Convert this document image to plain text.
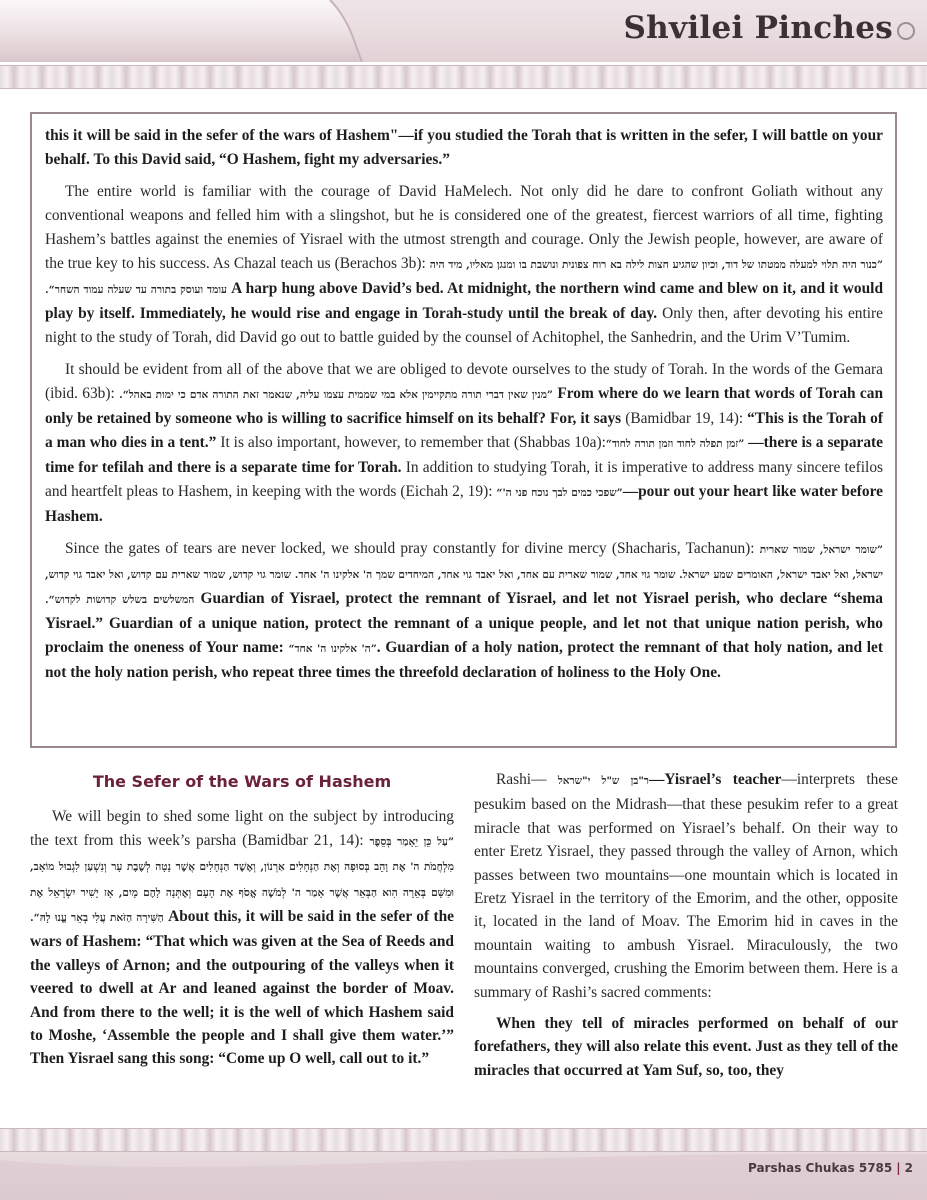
Shvilei Pinches

this it will be said in the sefer of the wars of Hashem"—if you studied the Torah that is written in the sefer, I will battle on your behalf. To this David said, “O Hashem, fight my adversaries.”

The entire world is familiar with the courage of David HaMelech. Not only did he dare to confront Goliath without any conventional weapons and felled him with a slingshot, but he is considered one of the greatest, fiercest warriors of all time, fighting Hashem’s battles against the enemies of Yisrael with the utmost strength and courage. Only the Jewish people, however, are aware of the true key to his success. As Chazal teach us (Berachos 3b): ”כנור היה תלוי למעלה ממטתו של דוד, וכיון שהגיע חצות לילה בא רוח צפונית ונושבת בו ומנגן מאליו, מיד היה עומד ועוסק בתורה עד שעלה עמוד השחר“. A harp hung above David’s bed. At midnight, the northern wind came and blew on it, and it would play by itself. Immediately, he would rise and engage in Torah-study until the break of day. Only then, after devoting his entire night to the study of Torah, did David go out to battle guided by the counsel of Achitophel, the Sanhedrin, and the Urim V’Tumim.

It should be evident from all of the above that we are obliged to devote ourselves to the study of Torah. In the words of the Gemara (ibid. 63b): ”מנין שאין דברי תורה מתקיימין אלא במי שממית עצמו עליה, שנאמר זאת התורה אדם כי ימות באהל“. From where do we learn that words of Torah can only be retained by someone who is willing to sacrifice himself on its behalf? For, it says (Bamidbar 19, 14): “This is the Torah of a man who dies in a tent.” It is also important, however, to remember that (Shabbas 10a):”זמן תפלה לחוד וזמן תורה לחוד“ —there is a separate time for tefilah and there is a separate time for Torah. In addition to studying Torah, it is imperative to address many sincere tefilos and heartfelt pleas to Hashem, in keeping with the words (Eichah 2, 19): ”שפכי כמים לבך נוכח פני ה'“—pour out your heart like water before Hashem.

Since the gates of tears are never locked, we should pray constantly for divine mercy (Shacharis, Tachanun): ”שומר ישראל, שמור שארית ישראל, ואל יאבד ישראל, האומרים שמע ישראל. שומר גוי אחד, שמור שארית עם אחד, ואל יאבד גוי אחד, המיחדים שמך ה' אלקינו ה' אחד. שומר גוי קדוש, שמור שארית עם קדוש, ואל יאבד גוי קדוש, המשלשים בשלש קדושות לקדוש“. Guardian of Yisrael, protect the remnant of Yisrael, and let not Yisrael perish, who declare “shema Yisrael.” Guardian of a unique nation, protect the remnant of a unique people, and let not that unique nation perish, who proclaim the oneness of Your name: ”ה' אלקינו ה' אחד“. Guardian of a holy nation, protect the remnant of that holy nation, and let not the holy nation perish, who repeat three times the threefold declaration of holiness to the Holy One.

The Sefer of the Wars of Hashem

We will begin to shed some light on the subject by introducing the text from this week’s parsha (Bamidbar 21, 14): ”עַל כֵּן יֵאָמַר בְּסֵפֶר מִלְחֲמֹת ה' אֶת וָהֵב בְּסוּפָה וְאֶת הַנְּחָלִים אַרְנוֹן, וְאֶשֶׁד הַנְּחָלִים אֲשֶׁר נָטָה לְשֶׁבֶת עָר וְנִשְׁעַן לִגְבוּל מוֹאָב, וּמִשָּׁם בְּאֵרָה הִוא הַבְּאֵר אֲשֶׁר אָמַר ה' לְמֹשֶׁה אֱסֹף אֶת הָעָם וְאֶתְּנָה לָהֶם מָיִם, אָז יָשִׁיר יִשְׂרָאֵל אֶת הַשִּׁירָה הַזֹּאת עֲלִי בְאֵר עֱנוּ לָהּ“. About this, it will be said in the sefer of the wars of Hashem: “That which was given at the Sea of Reeds and the valleys of Arnon; and the outpouring of the valleys when it veered to dwell at Ar and leaned against the border of Moav. And from there to the well; it is the well of which Hashem said to Moshe, ‘Assemble the people and I shall give them water.’” Then Yisrael sang this song: “Come up O well, call out to it.”

Rashi— ר"בן ש"ל י"שראל—Yisrael’s teacher—interprets these pesukim based on the Midrash—that these pesukim refer to a great miracle that was performed on Yisrael’s behalf. On their way to enter Eretz Yisrael, they passed through the valley of Arnon, which passes between two mountains—one mountain which is located in Eretz Yisrael in the territory of the Emorim, and the other, opposite it, located in the land of Moav. The Emorim hid in caves in the mountain waiting to ambush Yisrael. Miraculously, the two mountains converged, crushing the Emorim between them. Here is a summary of Rashi’s sacred comments:

When they tell of miracles performed on behalf of our forefathers, they will also relate this event. Just as they tell of the miracles that occurred at Yam Suf, so, too, they

Parshas Chukas 5785 | 2
